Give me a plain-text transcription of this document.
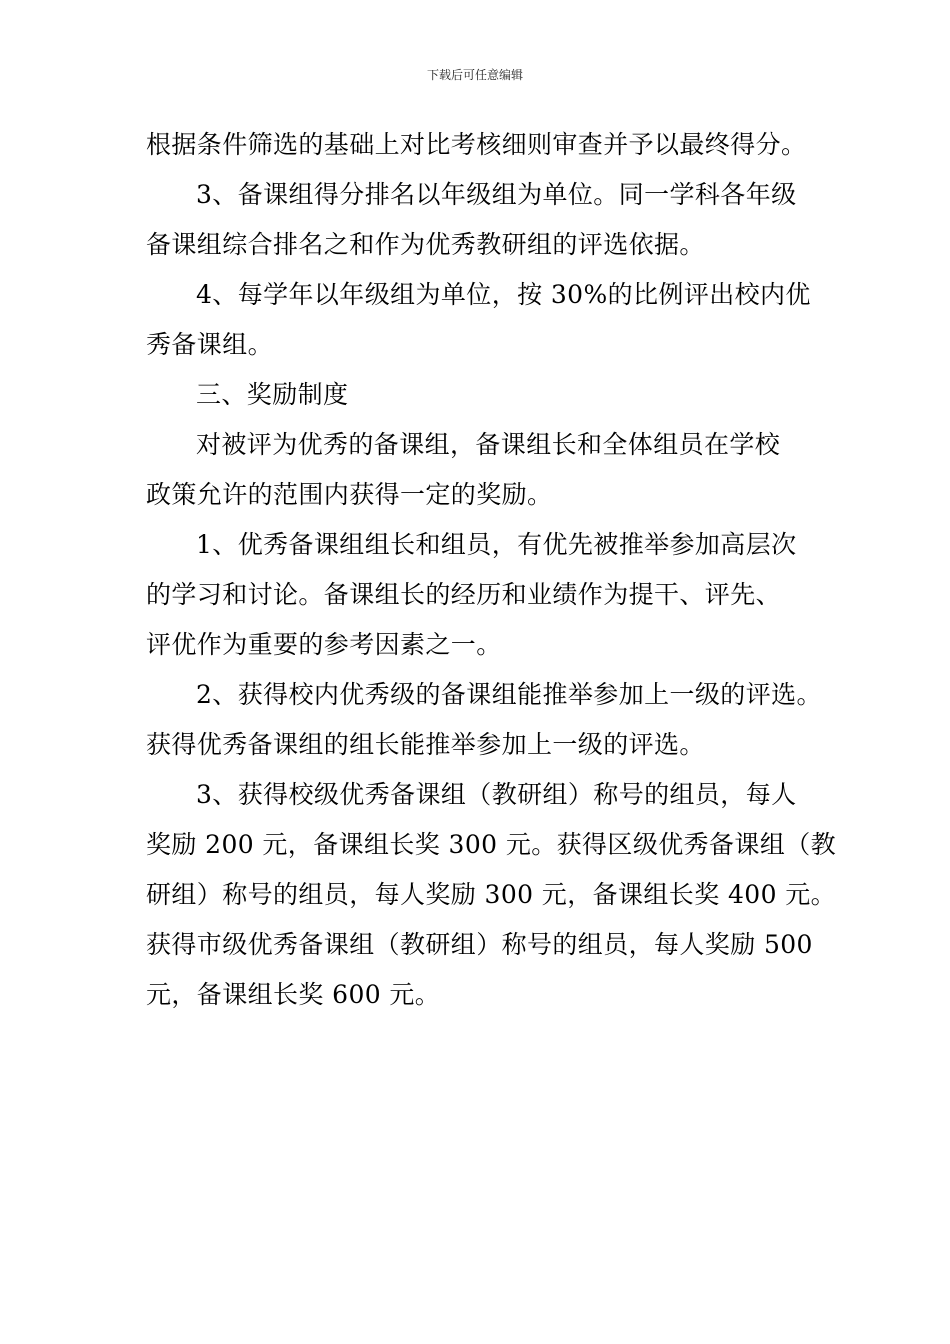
下载后可任意编辑
根据条件筛选的基础上对比考核细则审查并予以最终得分。
3、备课组得分排名以年级组为单位。同一学科各年级
备课组综合排名之和作为优秀教研组的评选依据。
4、每学年以年级组为单位，按 30%的比例评出校内优
秀备课组。
三、奖励制度
对被评为优秀的备课组，备课组长和全体组员在学校
政策允许的范围内获得一定的奖励。
1、优秀备课组组长和组员，有优先被推举参加高层次
的学习和讨论。备课组长的经历和业绩作为提干、评先、
评优作为重要的参考因素之一。
2、获得校内优秀级的备课组能推举参加上一级的评选。
获得优秀备课组的组长能推举参加上一级的评选。
3、获得校级优秀备课组（教研组）称号的组员，每人
奖励 200 元，备课组长奖 300 元。获得区级优秀备课组（教
研组）称号的组员，每人奖励 300 元，备课组长奖 400 元。
获得市级优秀备课组（教研组）称号的组员，每人奖励 500
元，备课组长奖 600 元。
